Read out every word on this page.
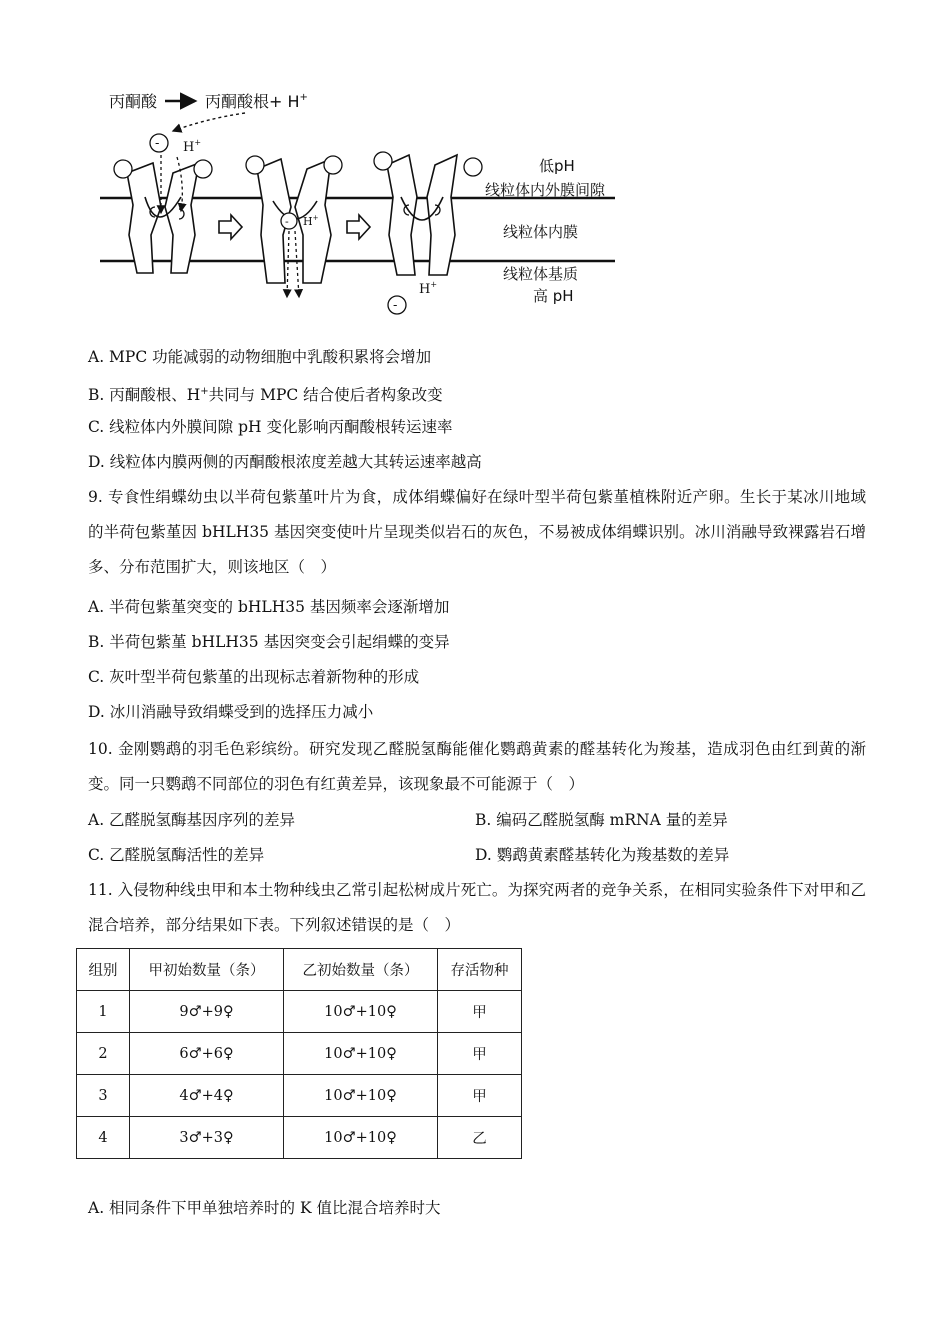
丙酮酸	丙酮酸根+ H+
- H+
- H+
H+
-
低pH
线粒体内外膜间隙
线粒体内膜
线粒体基质
高 pH
A. MPC 功能减弱的动物细胞中乳酸积累将会增加
B. 丙酮酸根、H+共同与 MPC 结合使后者构象改变
C. 线粒体内外膜间隙 pH 变化影响丙酮酸根转运速率
D. 线粒体内膜两侧的丙酮酸根浓度差越大其转运速率越高
9. 专食性绢蝶幼虫以半荷包紫堇叶片为食，成体绢蝶偏好在绿叶型半荷包紫堇植株附近产卵。生长于某冰川地域的半荷包紫堇因 bHLH35 基因突变使叶片呈现类似岩石的灰色，不易被成体绢蝶识别。冰川消融导致裸露岩石增多、分布范围扩大，则该地区（　）
A. 半荷包紫堇突变的 bHLH35 基因频率会逐渐增加
B. 半荷包紫堇 bHLH35 基因突变会引起绢蝶的变异
C. 灰叶型半荷包紫堇的出现标志着新物种的形成
D. 冰川消融导致绢蝶受到的选择压力减小
10. 金刚鹦鹉的羽毛色彩缤纷。研究发现乙醛脱氢酶能催化鹦鹉黄素的醛基转化为羧基，造成羽色由红到黄的渐变。同一只鹦鹉不同部位的羽色有红黄差异，该现象最不可能源于（　）
A. 乙醛脱氢酶基因序列的差异	B. 编码乙醛脱氢酶 mRNA 量的差异
C. 乙醛脱氢酶活性的差异	D. 鹦鹉黄素醛基转化为羧基数的差异
11. 入侵物种线虫甲和本土物种线虫乙常引起松树成片死亡。为探究两者的竞争关系，在相同实验条件下对甲和乙混合培养，部分结果如下表。下列叙述错误的是（　）
组别	甲初始数量（条）	乙初始数量（条）	存活物种
1	9♂+9♀	10♂+10♀	甲
2	6♂+6♀	10♂+10♀	甲
3	4♂+4♀	10♂+10♀	甲
4	3♂+3♀	10♂+10♀	乙
A. 相同条件下甲单独培养时的 K 值比混合培养时大
